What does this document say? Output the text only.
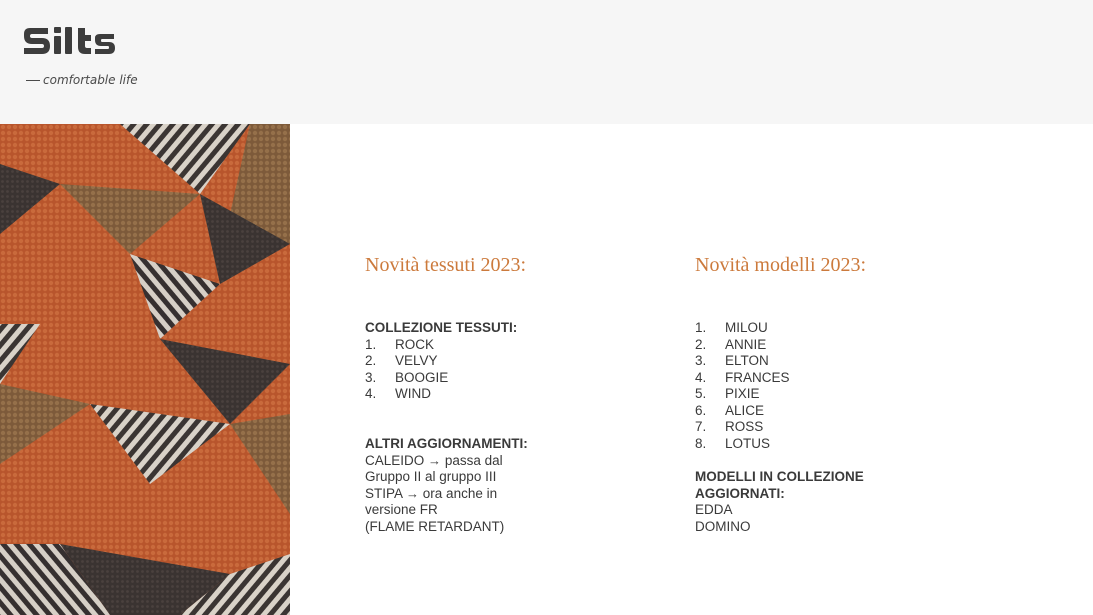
comfortable life
Novità tessuti 2023:
COLLEZIONE TESSUTI:
1.	ROCK
2.	VELVY
3.	BOOGIE
4.	WIND
ALTRI AGGIORNAMENTI:
CALEIDO → passa dal
Gruppo II al gruppo III
STIPA → ora anche in
versione FR
(FLAME RETARDANT)
Novità modelli 2023:
1.	MILOU
2.	ANNIE
3.	ELTON
4.	FRANCES
5.	PIXIE
6.	ALICE
7.	ROSS
8.	LOTUS
MODELLI IN COLLEZIONE
AGGIORNATI:
EDDA
DOMINO
